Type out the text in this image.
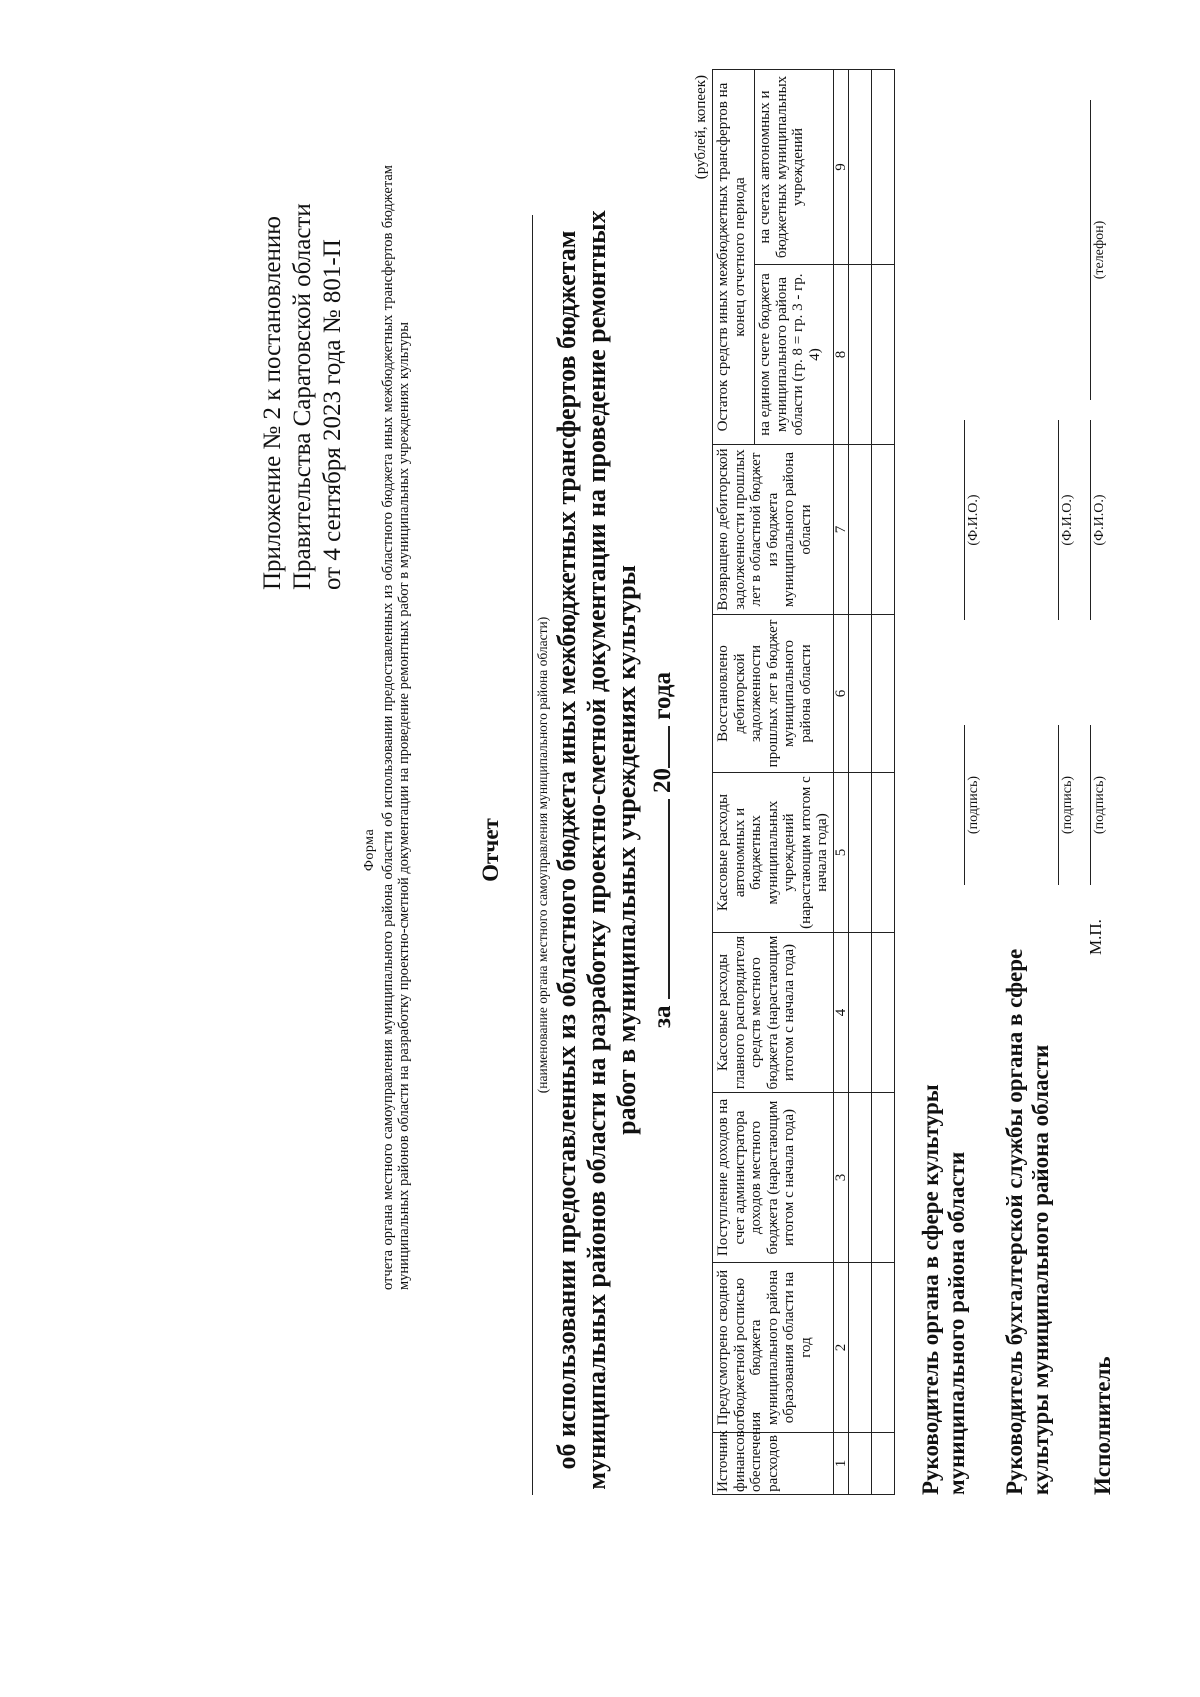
Приложение № 2 к постановлению Правительства Саратовской области от 4 сентября 2023 года № 801-П
Форма отчета органа местного самоуправления муниципального района области об использовании предоставленных из областного бюджета иных межбюджетных трансфертов бюджетам муниципальных районов области на разработку проектно-сметной документации на проведение ремонтных работ в муниципальных учреждениях культуры	Отчет (наименование органа местного самоуправления муниципального района области) об использовании предоставленных из областного бюджета иных межбюджетных трансфертов бюджетам муниципальных районов области на разработку проектно-сметной документации на проведение ремонтных работ в муниципальных учреждениях культуры за  20 года
(рублей, копеек)
Источник финансового обеспечения расходов	Предусмотрено сводной бюджетной росписью бюджета муниципального района образования области на год	Поступление доходов на счет администратора доходов местного бюджета (нарастающим итогом с начала года)	Кассовые расходы главного распорядителя средств местного бюджета (нарастающим итогом с начала года)	Кассовые расходы автономных и бюджетных муниципальных учреждений (нарастающим итогом с начала года)	Восстановлено дебиторской задолженности прошлых лет в бюджет муниципального района области	Возвращено дебиторской задолженности прошлых лет в областной бюджет из бюджета муниципального района области	Остаток средств иных межбюджетных трансфертов на конец отчетного периода	
							на едином счете бюджета муниципального района области (гр. 8 = гр. 3 - гр. 4)	на счетах автономных и бюджетных муниципальных учреждений
1	2	3	4	5	6	7	8	9

Руководитель органа в сфере культуры муниципального района области
(подпись)
(Ф.И.О.)
Руководитель бухгалтерской службы органа в сфере культуры муниципального района области
(подпись)
(Ф.И.О.)
М.П.
Исполнитель
(подпись)
(Ф.И.О.)
(телефон)
